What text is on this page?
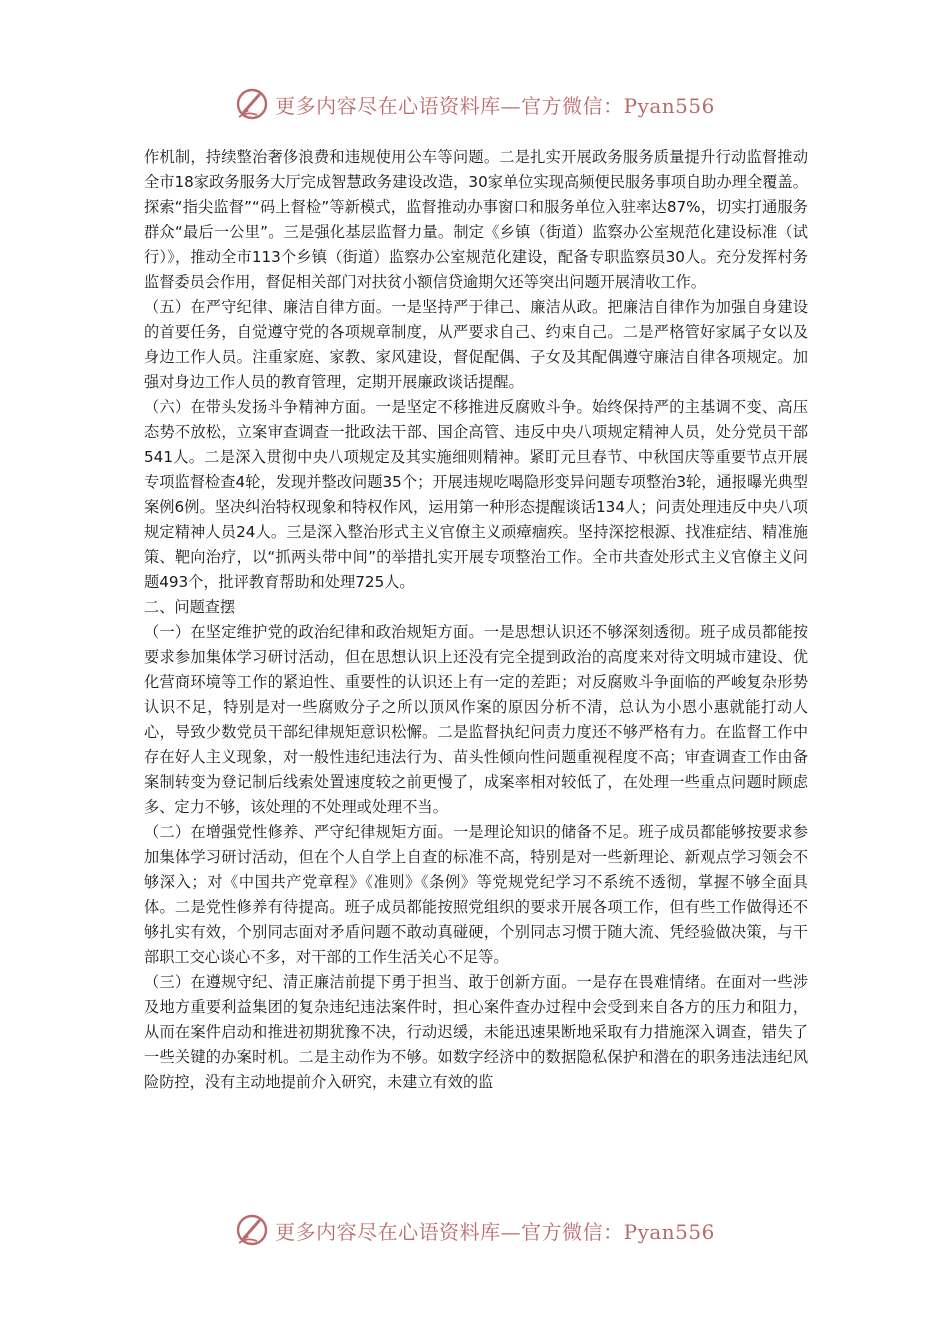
更多内容尽在心语资料库—官方微信：Pyan556

作机制，持续整治奢侈浪费和违规使用公车等问题。二是扎实开展政务服务质量提升行动监督推动全市18家政务服务大厅完成智慧政务建设改造，30家单位实现高频便民服务事项自助办理全覆盖。探索“指尖监督”“码上督检”等新模式，监督推动办事窗口和服务单位入驻率达87%，切实打通服务群众“最后一公里”。三是强化基层监督力量。制定《乡镇（街道）监察办公室规范化建设标准（试行）》，推动全市113个乡镇（街道）监察办公室规范化建设，配备专职监察员30人。充分发挥村务监督委员会作用，督促相关部门对扶贫小额信贷逾期欠还等突出问题开展清收工作。

（五）在严守纪律、廉洁自律方面。一是坚持严于律己、廉洁从政。把廉洁自律作为加强自身建设的首要任务，自觉遵守党的各项规章制度，从严要求自己、约束自己。二是严格管好家属子女以及身边工作人员。注重家庭、家教、家风建设，督促配偶、子女及其配偶遵守廉洁自律各项规定。加强对身边工作人员的教育管理，定期开展廉政谈话提醒。

（六）在带头发扬斗争精神方面。一是坚定不移推进反腐败斗争。始终保持严的主基调不变、高压态势不放松，立案审查调查一批政法干部、国企高管、违反中央八项规定精神人员，处分党员干部541人。二是深入贯彻中央八项规定及其实施细则精神。紧盯元旦春节、中秋国庆等重要节点开展专项监督检查4轮，发现并整改问题35个；开展违规吃喝隐形变异问题专项整治3轮，通报曝光典型案例6例。坚决纠治特权现象和特权作风，运用第一种形态提醒谈话134人；问责处理违反中央八项规定精神人员24人。三是深入整治形式主义官僚主义顽瘴痼疾。坚持深挖根源、找准症结、精准施策、靶向治疗，以“抓两头带中间”的举措扎实开展专项整治工作。全市共查处形式主义官僚主义问题493个，批评教育帮助和处理725人。

二、问题查摆

（一）在坚定维护党的政治纪律和政治规矩方面。一是思想认识还不够深刻透彻。班子成员都能按要求参加集体学习研讨活动，但在思想认识上还没有完全提到政治的高度来对待文明城市建设、优化营商环境等工作的紧迫性、重要性的认识还上有一定的差距；对反腐败斗争面临的严峻复杂形势认识不足，特别是对一些腐败分子之所以顶风作案的原因分析不清，总认为小恩小惠就能打动人心，导致少数党员干部纪律规矩意识松懈。二是监督执纪问责力度还不够严格有力。在监督工作中存在好人主义现象，对一般性违纪违法行为、苗头性倾向性问题重视程度不高；审查调查工作由备案制转变为登记制后线索处置速度较之前更慢了，成案率相对较低了，在处理一些重点问题时顾虑多、定力不够，该处理的不处理或处理不当。

（二）在增强党性修养、严守纪律规矩方面。一是理论知识的储备不足。班子成员都能够按要求参加集体学习研讨活动，但在个人自学上自查的标准不高，特别是对一些新理论、新观点学习领会不够深入；对《中国共产党章程》《准则》《条例》等党规党纪学习不系统不透彻，掌握不够全面具体。二是党性修养有待提高。班子成员都能按照党组织的要求开展各项工作，但有些工作做得还不够扎实有效，个别同志面对矛盾问题不敢动真碰硬，个别同志习惯于随大流、凭经验做决策，与干部职工交心谈心不多，对干部的工作生活关心不足等。

（三）在遵规守纪、清正廉洁前提下勇于担当、敢于创新方面。一是存在畏难情绪。在面对一些涉及地方重要利益集团的复杂违纪违法案件时，担心案件查办过程中会受到来自各方的压力和阻力，从而在案件启动和推进初期犹豫不决，行动迟缓，未能迅速果断地采取有力措施深入调查，错失了一些关键的办案时机。二是主动作为不够。如数字经济中的数据隐私保护和潜在的职务违法违纪风险防控，没有主动地提前介入研究，未建立有效的监

更多内容尽在心语资料库—官方微信：Pyan556
